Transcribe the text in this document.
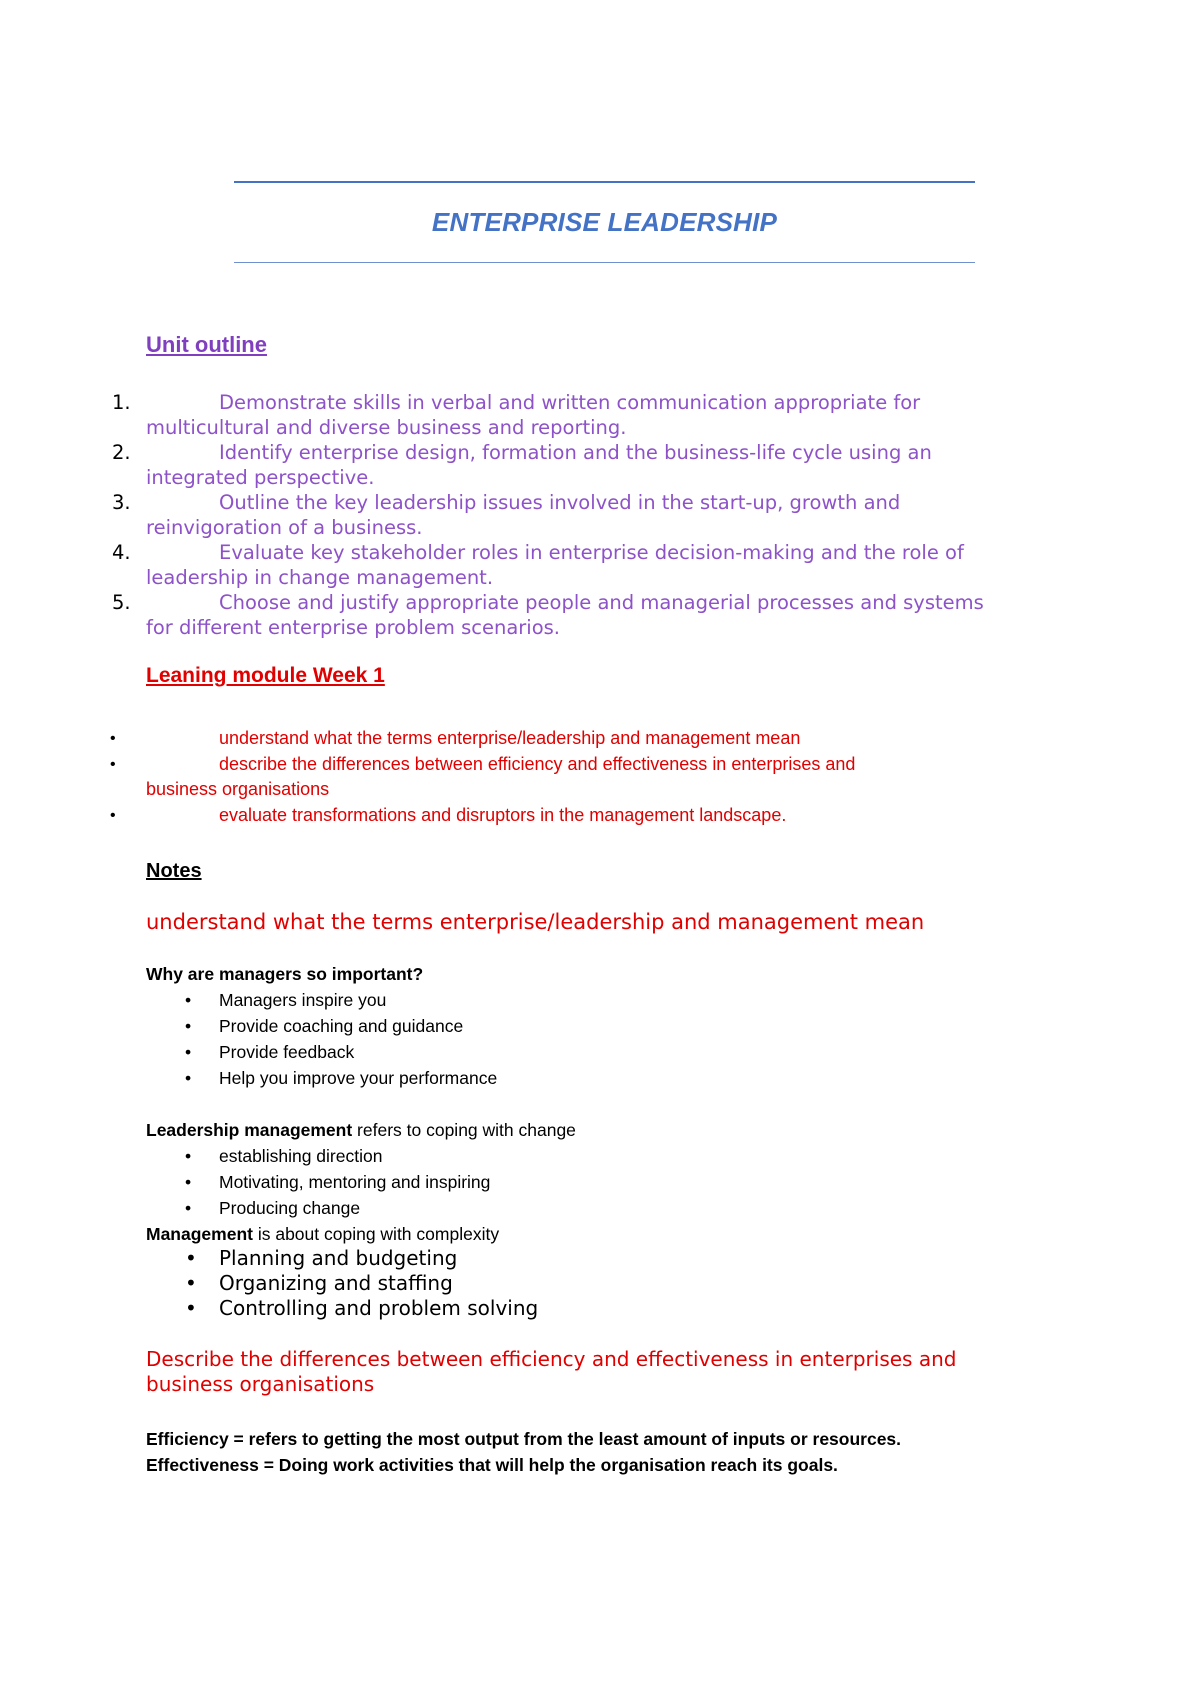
ENTERPRISE LEADERSHIP
Unit outline
1.	Demonstrate skills in verbal and written communication appropriate for
multicultural and diverse business and reporting.
2.	Identify enterprise design, formation and the business-life cycle using an
integrated perspective.
3.	Outline the key leadership issues involved in the start-up, growth and
reinvigoration of a business.
4.	Evaluate key stakeholder roles in enterprise decision-making and the role of
leadership in change management.
5.	Choose and justify appropriate people and managerial processes and systems
for different enterprise problem scenarios.
Leaning module Week 1
•	understand what the terms enterprise/leadership and management mean
•	describe the differences between efficiency and effectiveness in enterprises and
business organisations
•	evaluate transformations and disruptors in the management landscape.
Notes
understand what the terms enterprise/leadership and management mean
Why are managers so important?
• Managers inspire you
• Provide coaching and guidance
• Provide feedback
• Help you improve your performance
Leadership management refers to coping with change
• establishing direction
• Motivating, mentoring and inspiring
• Producing change
Management is about coping with complexity
• Planning and budgeting
• Organizing and staffing
• Controlling and problem solving
Describe the differences between efficiency and effectiveness in enterprises and
business organisations
Efficiency = refers to getting the most output from the least amount of inputs or resources.
Effectiveness = Doing work activities that will help the organisation reach its goals.
